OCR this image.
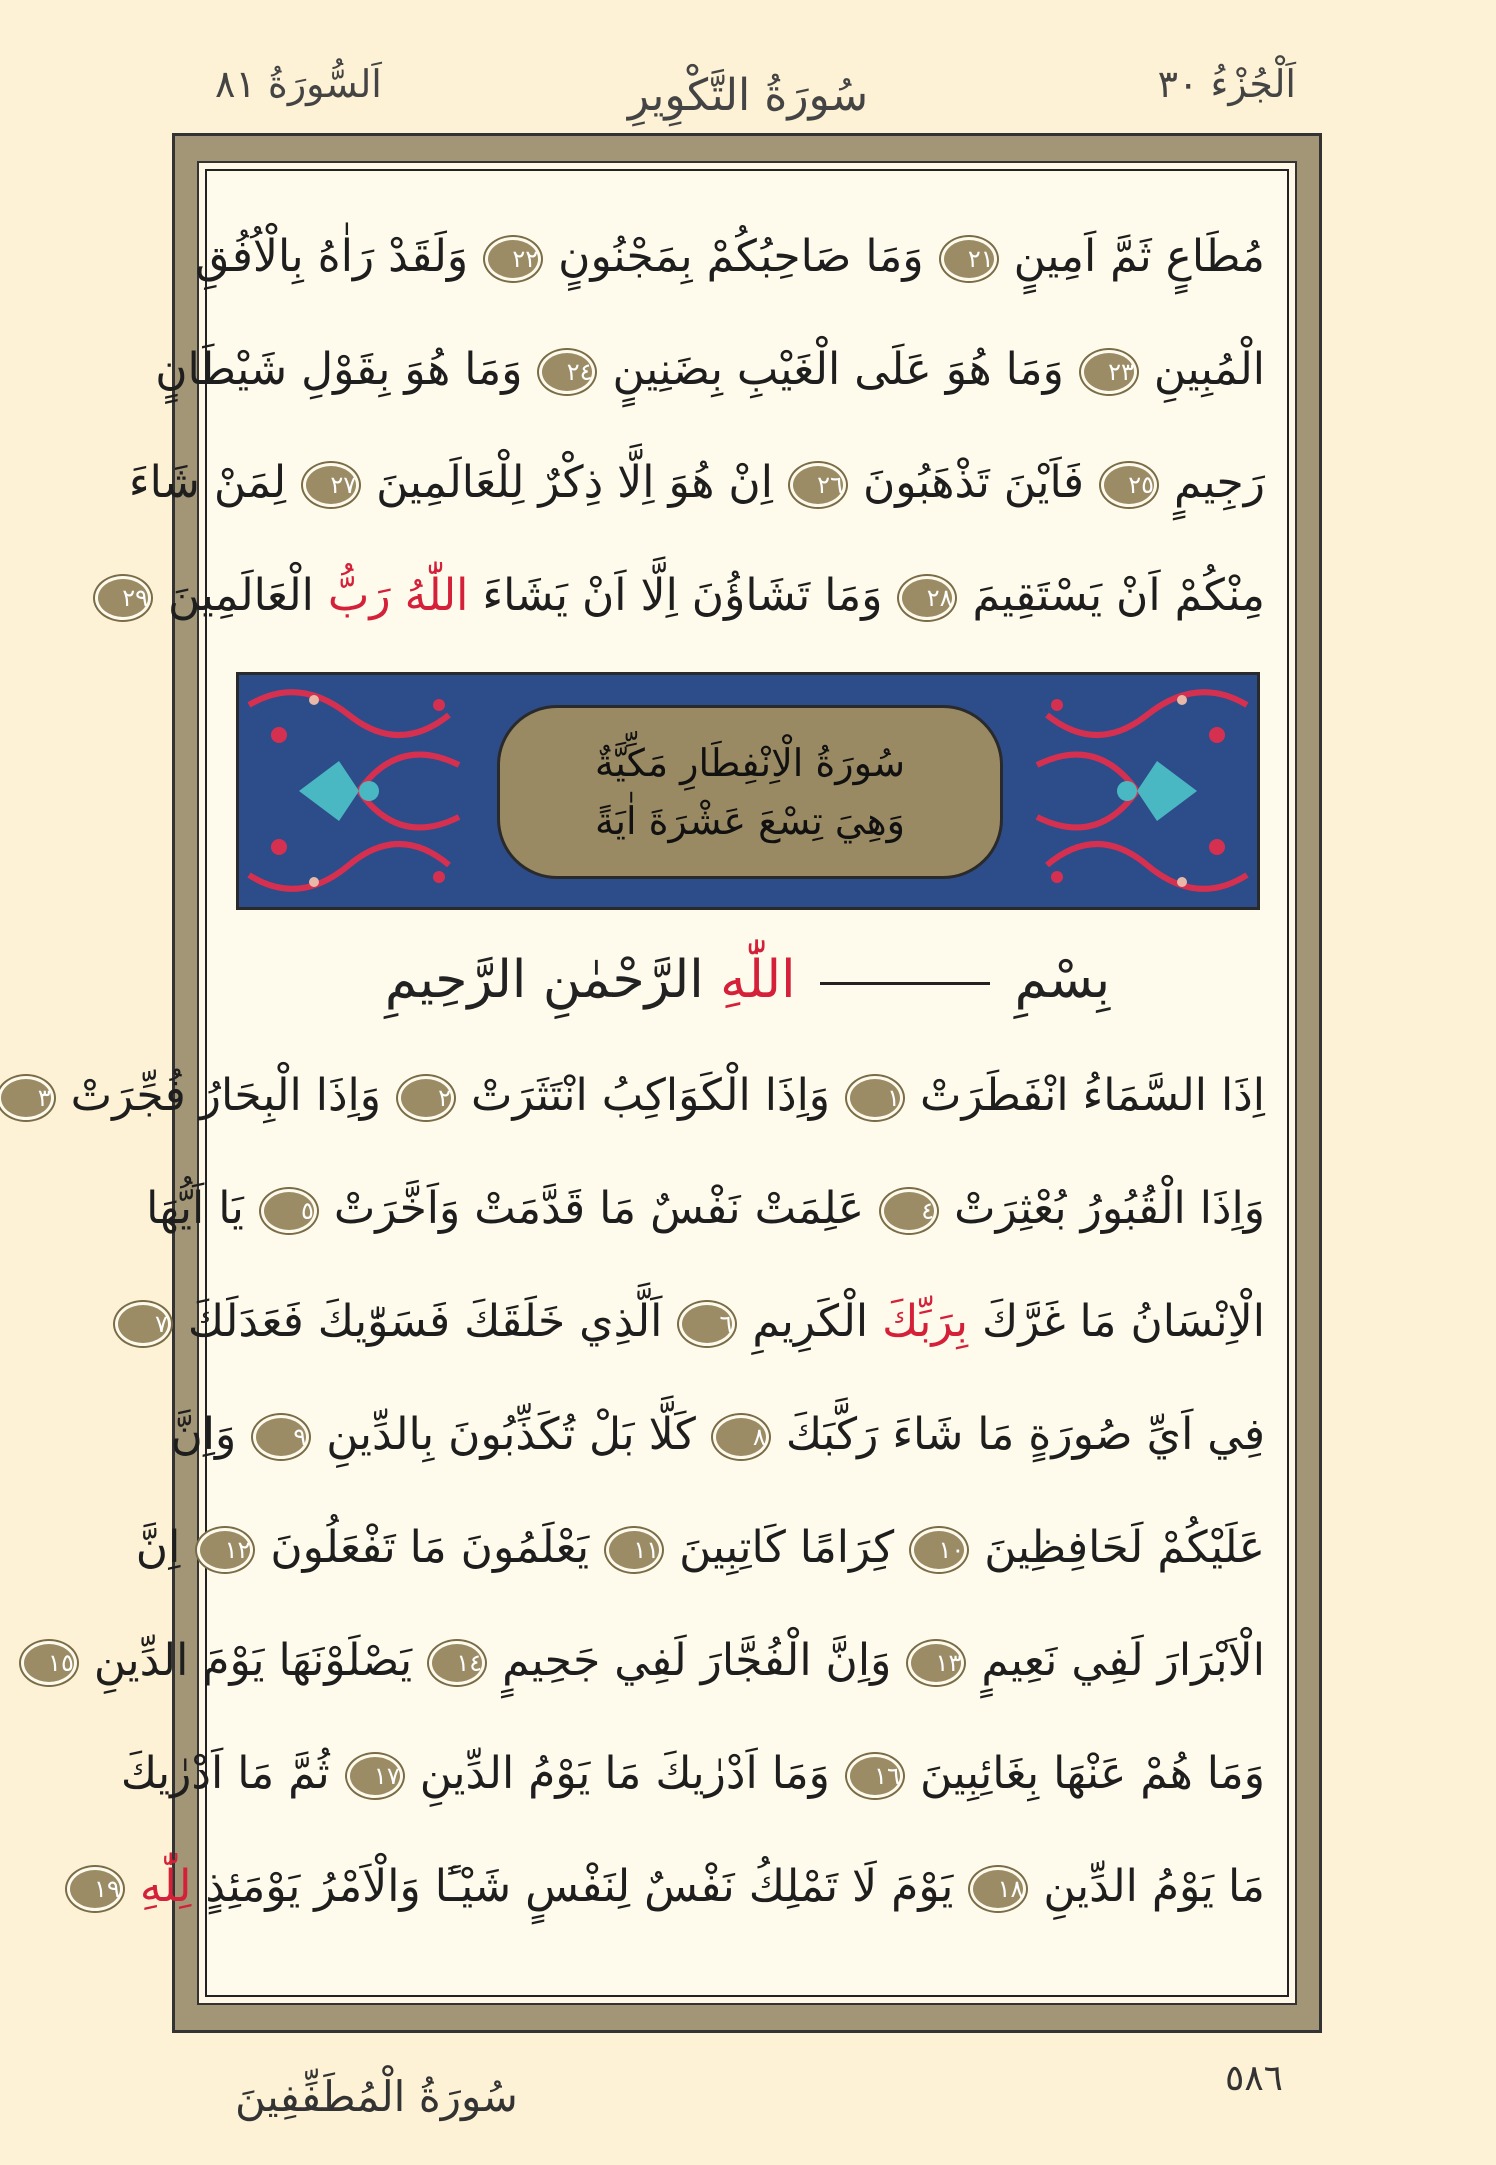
اَلْجُزْءُ ٣٠
سُورَةُ التَّكْوِيرِ
اَلسُّورَةُ ٨١
مُطَاعٍ ثَمَّ اَمِينٍ ٢١ وَمَا صَاحِبُكُمْ بِمَجْنُونٍ ٢٢ وَلَقَدْ رَاٰهُ بِالْاُفُقِ
الْمُبِينِ ٢٣ وَمَا هُوَ عَلَى الْغَيْبِ بِضَنِينٍ ٢٤ وَمَا هُوَ بِقَوْلِ شَيْطَانٍ
رَجِيمٍ ٢٥ فَاَيْنَ تَذْهَبُونَ ٢٦ اِنْ هُوَ اِلَّا ذِكْرٌ لِلْعَالَمِينَ ٢٧ لِمَنْ شَاءَ
مِنْكُمْ اَنْ يَسْتَقِيمَ ٢٨ وَمَا تَشَاؤُنَ اِلَّا اَنْ يَشَاءَ اللّٰهُ رَبُّ الْعَالَمِينَ ٢٩
سُورَةُ الْاِنْفِطَارِ مَكِّيَّةٌ
وَهِيَ تِسْعَ عَشْرَةَ اٰيَةً
بِسْمِ  اللّٰهِ الرَّحْمٰنِ الرَّحِيمِ
اِذَا السَّمَاءُ انْفَطَرَتْ ١ وَاِذَا الْكَوَاكِبُ انْتَثَرَتْ ٢ وَاِذَا الْبِحَارُ فُجِّرَتْ ٣
وَاِذَا الْقُبُورُ بُعْثِرَتْ ٤ عَلِمَتْ نَفْسٌ مَا قَدَّمَتْ وَاَخَّرَتْ ٥ يَا اَيُّهَا
الْاِنْسَانُ مَا غَرَّكَ بِرَبِّكَ الْكَرِيمِ ٦ اَلَّذِي خَلَقَكَ فَسَوّٰيكَ فَعَدَلَكَ ٧
فِي اَيِّ صُورَةٍ مَا شَاءَ رَكَّبَكَ ٨ كَلَّا بَلْ تُكَذِّبُونَ بِالدِّينِ ٩ وَاِنَّ
عَلَيْكُمْ لَحَافِظِينَ ١٠ كِرَامًا كَاتِبِينَ ١١ يَعْلَمُونَ مَا تَفْعَلُونَ ١٢ اِنَّ
الْاَبْرَارَ لَفِي نَعِيمٍ ١٣ وَاِنَّ الْفُجَّارَ لَفِي جَحِيمٍ ١٤ يَصْلَوْنَهَا يَوْمَ الدِّينِ ١٥
وَمَا هُمْ عَنْهَا بِغَائِبِينَ ١٦ وَمَا اَدْرٰيكَ مَا يَوْمُ الدِّينِ ١٧ ثُمَّ مَا اَدْرٰيكَ
مَا يَوْمُ الدِّينِ ١٨ يَوْمَ لَا تَمْلِكُ نَفْسٌ لِنَفْسٍ شَيْـًٔا وَالْاَمْرُ يَوْمَئِذٍ لِلّٰهِ ١٩
٥٨٦
سُورَةُ الْمُطَفِّفِينَ
